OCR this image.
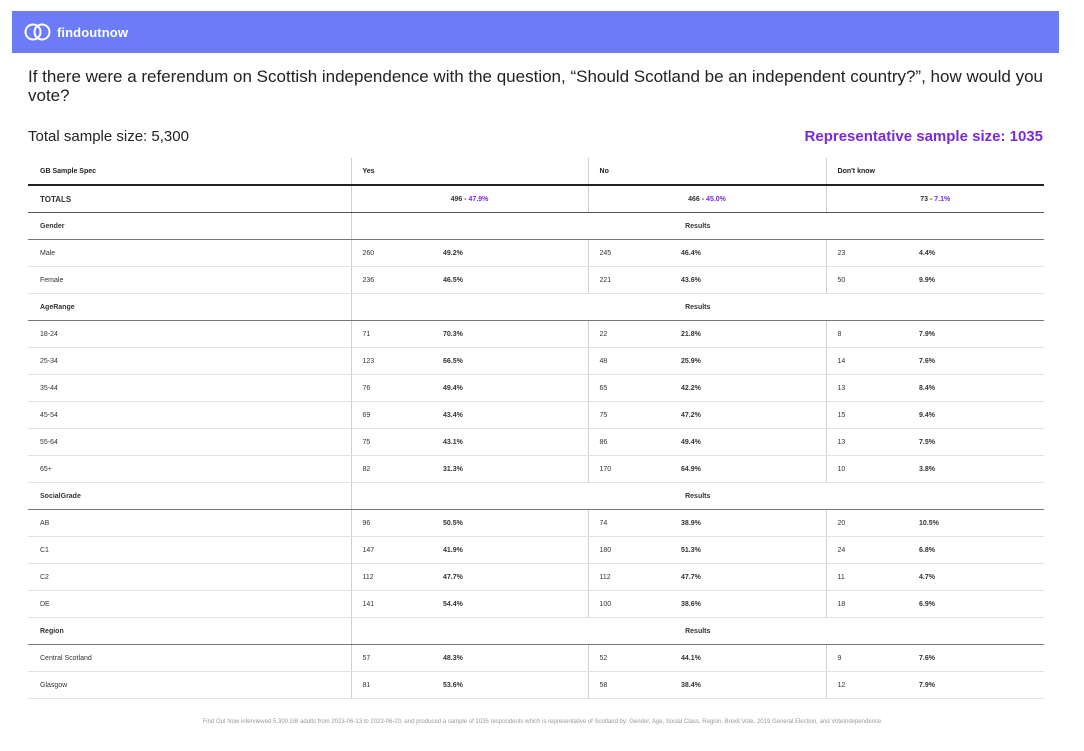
findoutnow
If there were a referendum on Scottish independence with the question, “Should Scotland be an independent country?”, how would you vote?
Total sample size: 5,300	Representative sample size: 1035
GB Sample Spec	Yes		No		Don't know	
TOTALS	496 - 47.9%		466 - 45.0%		73 - 7.1%	
Gender	Results					
Male	260	49.2%	245	46.4%	23	4.4%
Female	236	46.5%	221	43.6%	50	9.9%
AgeRange	Results					
18-24	71	70.3%	22	21.8%	8	7.9%
25-34	123	66.5%	48	25.9%	14	7.6%
35-44	76	49.4%	65	42.2%	13	8.4%
45-54	69	43.4%	75	47.2%	15	9.4%
55-64	75	43.1%	86	49.4%	13	7.5%
65+	82	31.3%	170	64.9%	10	3.8%
SocialGrade	Results					
AB	96	50.5%	74	38.9%	20	10.5%
C1	147	41.9%	180	51.3%	24	6.8%
C2	112	47.7%	112	47.7%	11	4.7%
DE	141	54.4%	100	38.6%	18	6.9%
Region	Results					
Central Scotland	57	48.3%	52	44.1%	9	7.6%
Glasgow	81	53.6%	58	38.4%	12	7.9%
Find Out Now interviewed 5,300 GB adults from 2023-06-13 to 2023-06-20, and produced a sample of 1035 respondents which is representative of Scotland by: Gender, Age, Social Class, Region, Brexit Vote, 2019 General Election, and VoteIndependence
